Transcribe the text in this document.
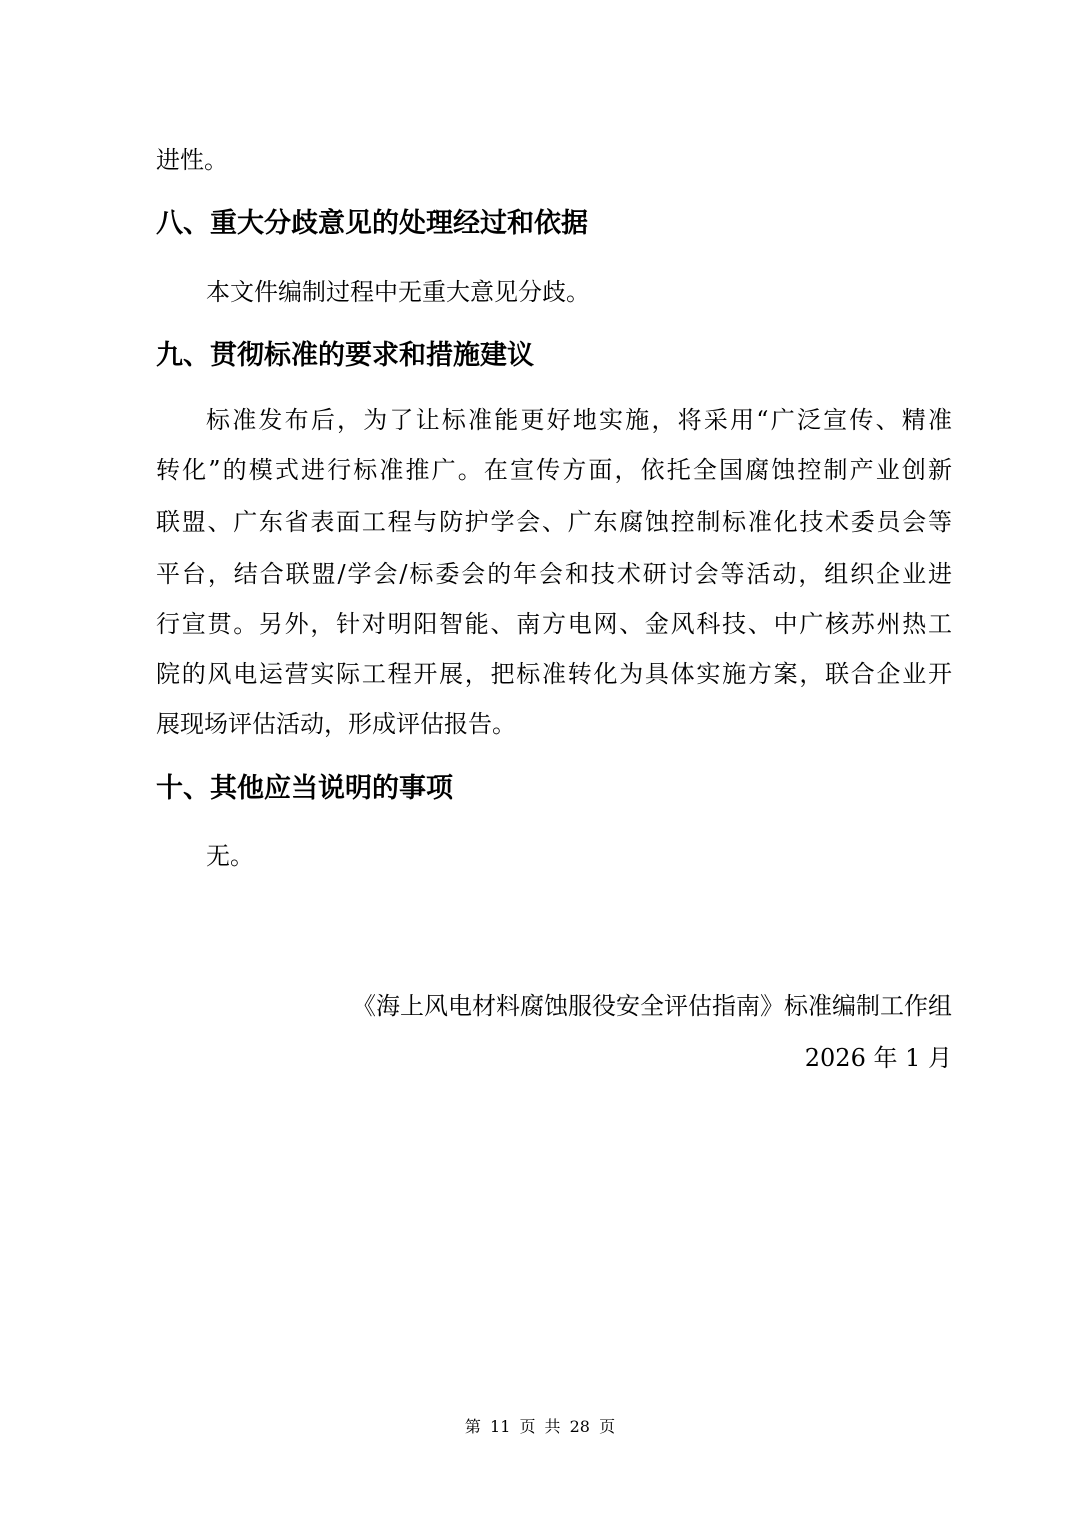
进性。
八、重大分歧意见的处理经过和依据
本文件编制过程中无重大意见分歧。
九、贯彻标准的要求和措施建议
标准发布后，为了让标准能更好地实施，将采用“广泛宣传、精准
转化”的模式进行标准推广。在宣传方面，依托全国腐蚀控制产业创新
联盟、广东省表面工程与防护学会、广东腐蚀控制标准化技术委员会等
平台，结合联盟/学会/标委会的年会和技术研讨会等活动，组织企业进
行宣贯。另外，针对明阳智能、南方电网、金风科技、中广核苏州热工
院的风电运营实际工程开展，把标准转化为具体实施方案，联合企业开
展现场评估活动，形成评估报告。
十、其他应当说明的事项
无。
《海上风电材料腐蚀服役安全评估指南》标准编制工作组
2026 年 1 月
第 11 页 共 28 页
